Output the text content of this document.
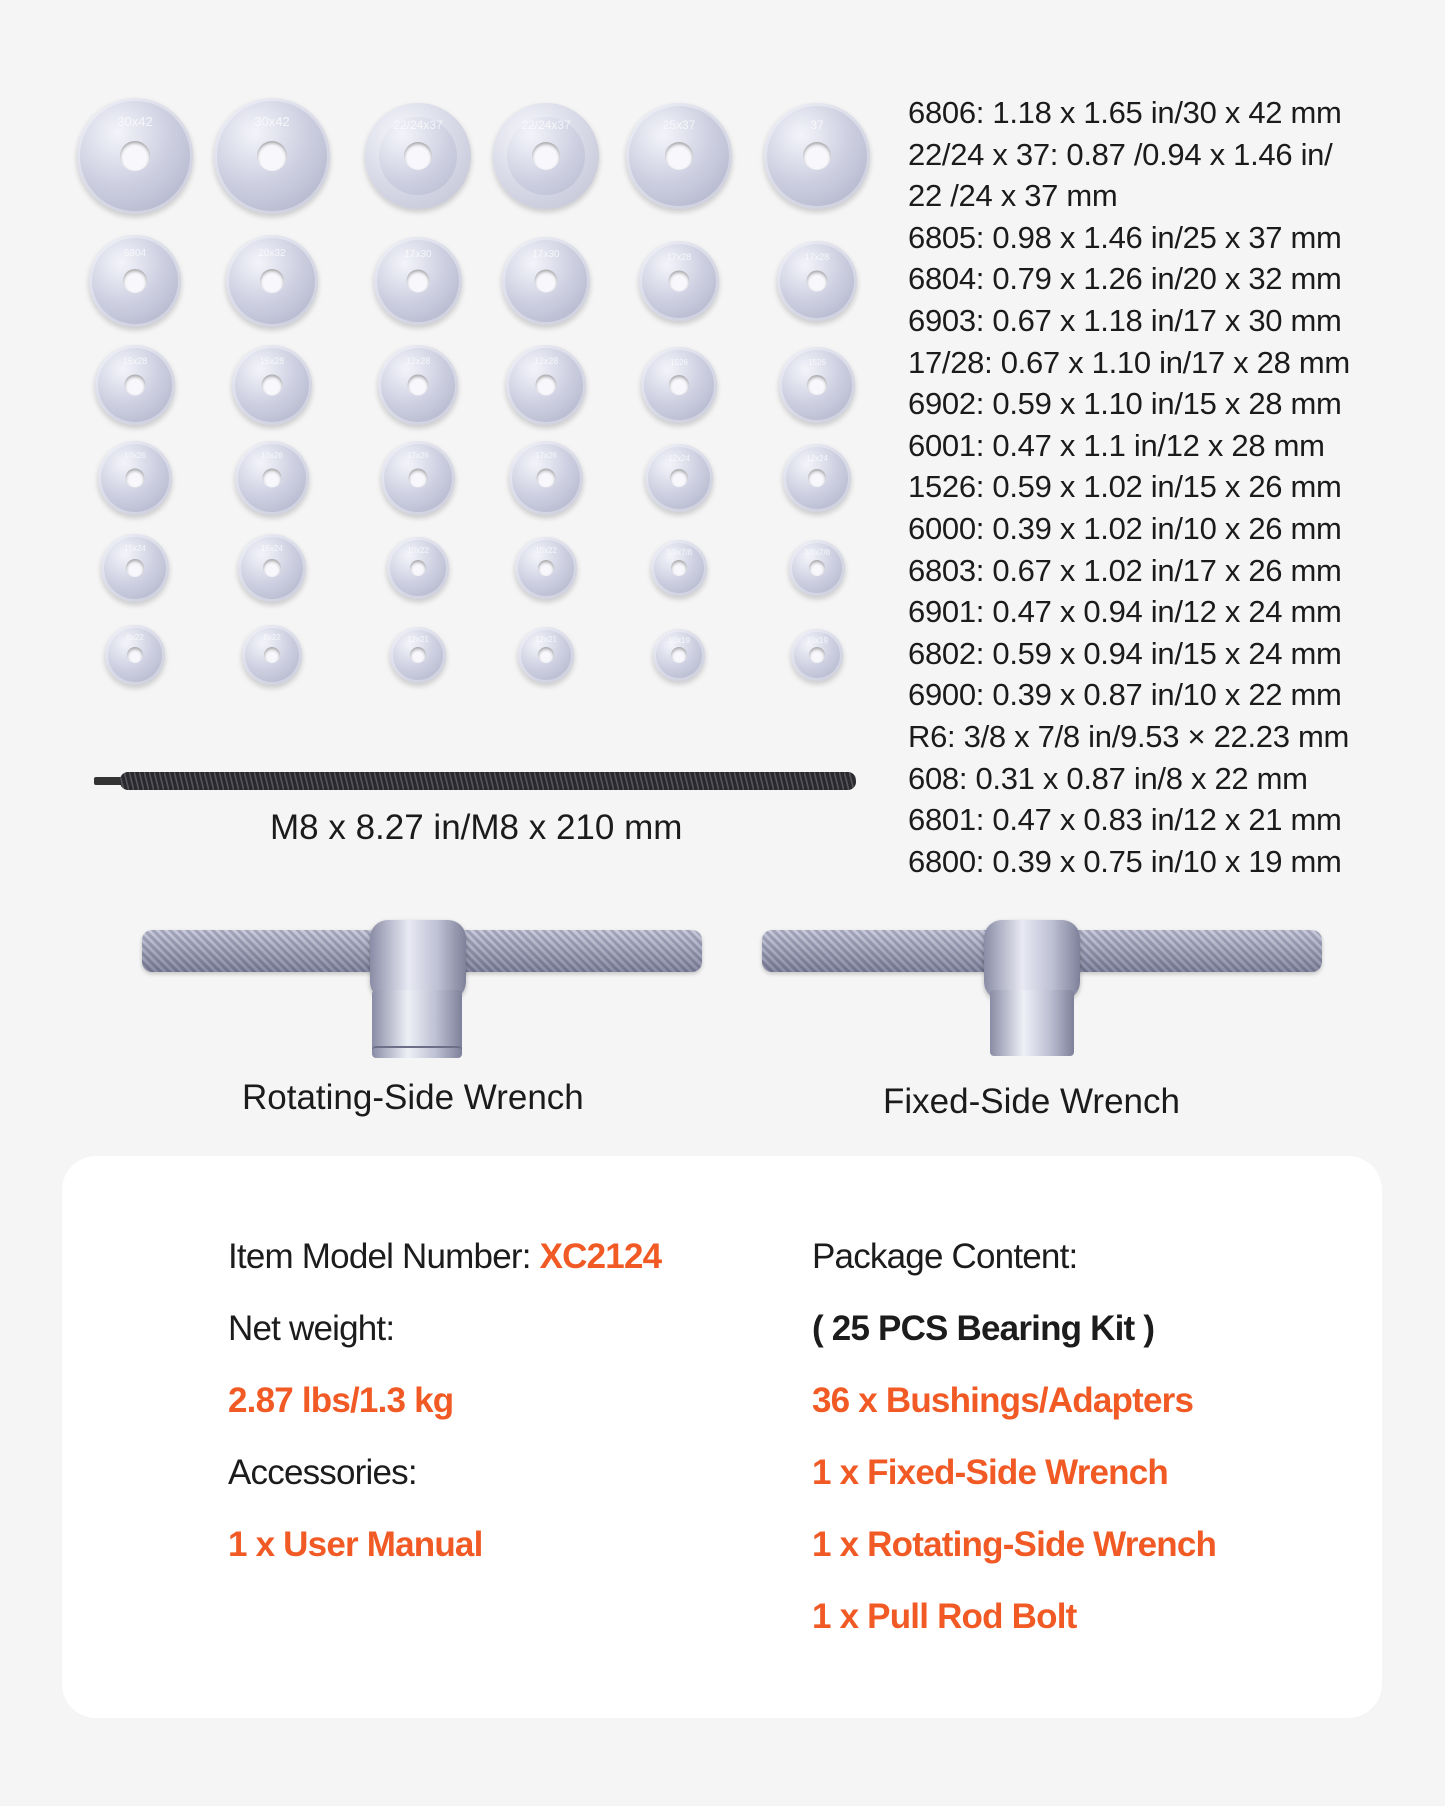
30x42	30x42	22/24x37	22/24x37	25x37	37
6804	20x32	17x30	17x30	17x28	17x28
15x28	15x28	12x28	12x28	1526	1526
10x26	10x26	17x26	17x26	12x24	12x24
15x24	15x24	10x22	10x22	3/8x7/8	3/8x7/8
8x22	8x22	12x21	12x21	10x19	10x19
6806: 1.18 x 1.65 in/30 x 42 mm
22/24 x 37: 0.87 /0.94 x 1.46 in/
22 /24 x 37 mm
6805: 0.98 x 1.46 in/25 x 37 mm
6804: 0.79 x 1.26 in/20 x 32 mm
6903: 0.67 x 1.18 in/17 x 30 mm
17/28: 0.67 x 1.10 in/17 x 28 mm
6902: 0.59 x 1.10 in/15 x 28 mm
6001: 0.47 x 1.1 in/12 x 28 mm
1526: 0.59 x 1.02 in/15 x 26 mm
6000: 0.39 x 1.02 in/10 x 26 mm
6803: 0.67 x 1.02 in/17 x 26 mm
6901: 0.47 x 0.94 in/12 x 24 mm
6802: 0.59 x 0.94 in/15 x 24 mm
6900: 0.39 x 0.87 in/10 x 22 mm
R6: 3/8 x 7/8 in/9.53 × 22.23 mm
608: 0.31 x 0.87 in/8 x 22 mm
6801: 0.47 x 0.83 in/12 x 21 mm
6800: 0.39 x 0.75 in/10 x 19 mm
M8 x 8.27 in/M8 x 210 mm
Rotating-Side Wrench	Fixed-Side Wrench
Item Model Number: XC2124
Net weight:
2.87 lbs/1.3 kg
Accessories:
1 x User Manual
Package Content:
( 25 PCS Bearing Kit )
36 x Bushings/Adapters
1 x Fixed-Side Wrench
1 x Rotating-Side Wrench
1 x Pull Rod Bolt
